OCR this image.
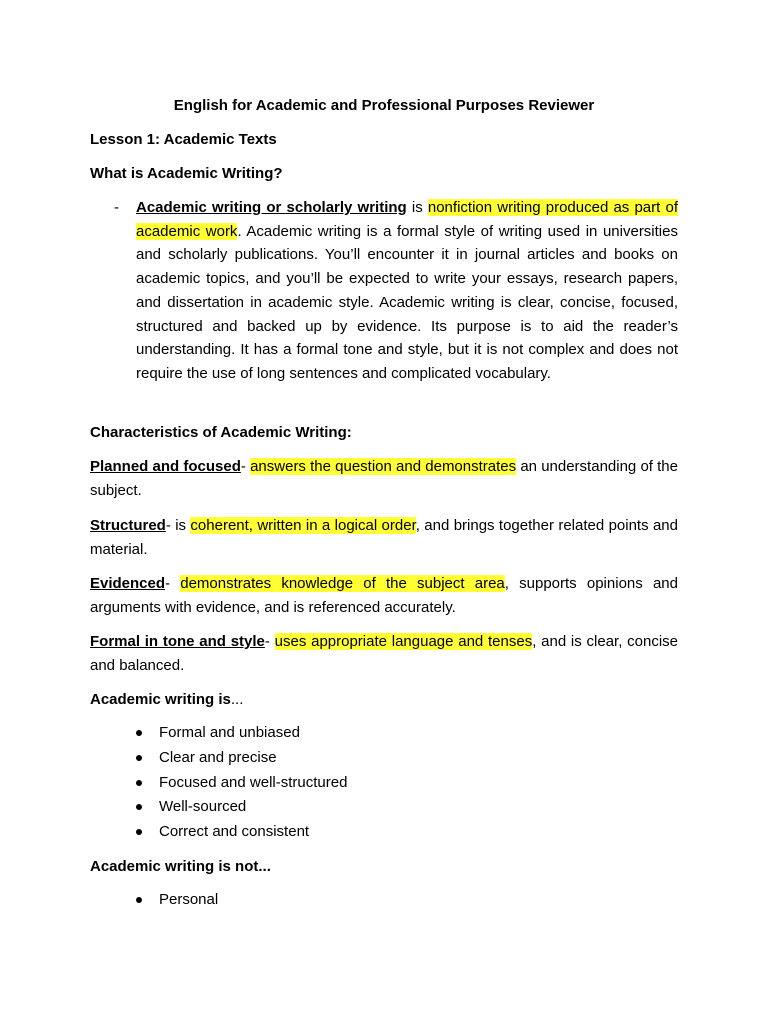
English for Academic and Professional Purposes Reviewer
Lesson 1: Academic Texts
What is Academic Writing?
- Academic writing or scholarly writing is nonfiction writing produced as part of academic work. Academic writing is a formal style of writing used in universities and scholarly publications. You’ll encounter it in journal articles and books on academic topics, and you’ll be expected to write your essays, research papers, and dissertation in academic style. Academic writing is clear, concise, focused, structured and backed up by evidence. Its purpose is to aid the reader’s understanding. It has a formal tone and style, but it is not complex and does not require the use of long sentences and complicated vocabulary.
Characteristics of Academic Writing:
Planned and focused- answers the question and demonstrates an understanding of the subject.
Structured- is coherent, written in a logical order, and brings together related points and material.
Evidenced- demonstrates knowledge of the subject area, supports opinions and arguments with evidence, and is referenced accurately.
Formal in tone and style- uses appropriate language and tenses, and is clear, concise and balanced.
Academic writing is...
Formal and unbiased
Clear and precise
Focused and well-structured
Well-sourced
Correct and consistent
Academic writing is not...
Personal
